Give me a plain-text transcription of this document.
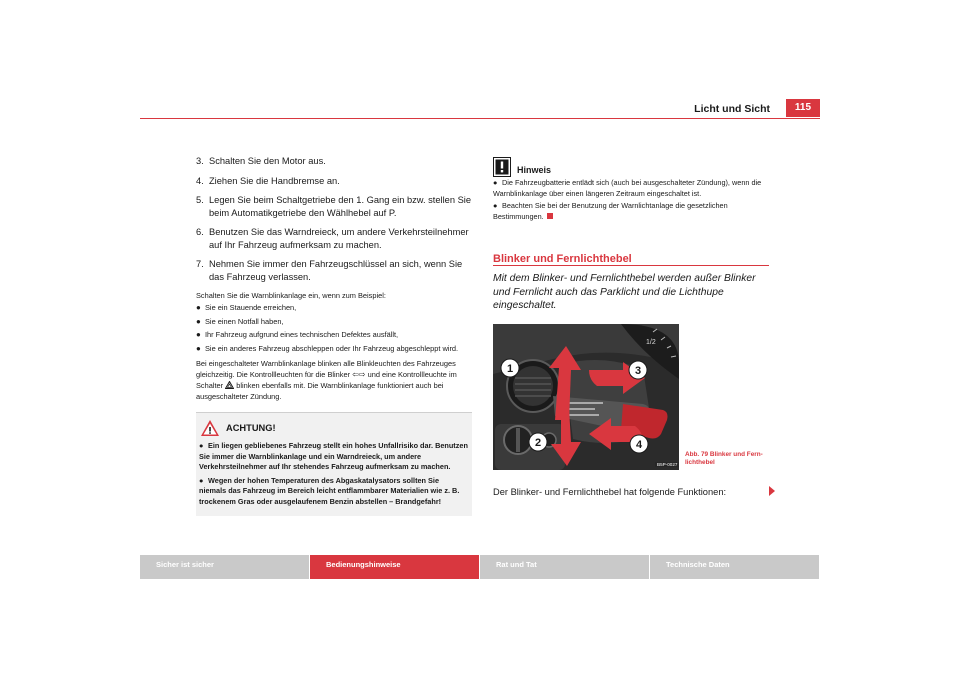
Licht und Sicht	115
3. Schalten Sie den Motor aus.
4. Ziehen Sie die Handbremse an.
5. Legen Sie beim Schaltgetriebe den 1. Gang ein bzw. stellen Sie beim Automatikgetriebe den Wählhebel auf P.
6. Benutzen Sie das Warndreieck, um andere Verkehrsteilnehmer auf Ihr Fahrzeug aufmerksam zu machen.
7. Nehmen Sie immer den Fahrzeugschlüssel an sich, wenn Sie das Fahrzeug verlassen.

Schalten Sie die Warnblinkanlage ein, wenn zum Beispiel:

● Sie ein Stauende erreichen,
● Sie einen Notfall haben,
● Ihr Fahrzeug aufgrund eines technischen Defektes ausfällt,
● Sie ein anderes Fahrzeug abschleppen oder Ihr Fahrzeug abgeschleppt wird.

Bei eingeschalteter Warnblinkanlage blinken alle Blinkleuchten des Fahrzeuges gleichzeitig. Die Kontrollleuchten für die Blinker ⇦⇨ und eine Kontrollleuchte im Schalter blinken ebenfalls mit. Die Warnblinkanlage funktioniert auch bei ausgeschalteter Zündung.

ACHTUNG!

● Ein liegen gebliebenes Fahrzeug stellt ein hohes Unfallrisiko dar. Benutzen Sie immer die Warnblinkanlage und ein Warndreieck, um andere Verkehrsteilnehmer auf Ihr stehendes Fahrzeug aufmerksam zu machen.

● Wegen der hohen Temperaturen des Abgaskatalysators sollten Sie niemals das Fahrzeug im Bereich leicht entflammbarer Materialien wie z. B. trockenem Gras oder ausgelaufenem Benzin abstellen – Brandgefahr!

Hinweis

● Die Fahrzeugbatterie entlädt sich (auch bei ausgeschalteter Zündung), wenn die Warnblinkanlage über einen längeren Zeitraum eingeschaltet ist.

● Beachten Sie bei der Benutzung der Warnlichtanlage die gesetzlichen Bestimmungen.

Blinker und Fernlichthebel
Mit dem Blinker- und Fernlichthebel werden außer Blinker und Fernlicht auch das Parklicht und die Lichthupe eingeschaltet.
1/2
1
2
3
4
B5P-0027
Abb. 79 Blinker und Fernlichthebel
Der Blinker- und Fernlichthebel hat folgende Funktionen:
Sicher ist sicher	Bedienungshinweise	Rat und Tat	Technische Daten
